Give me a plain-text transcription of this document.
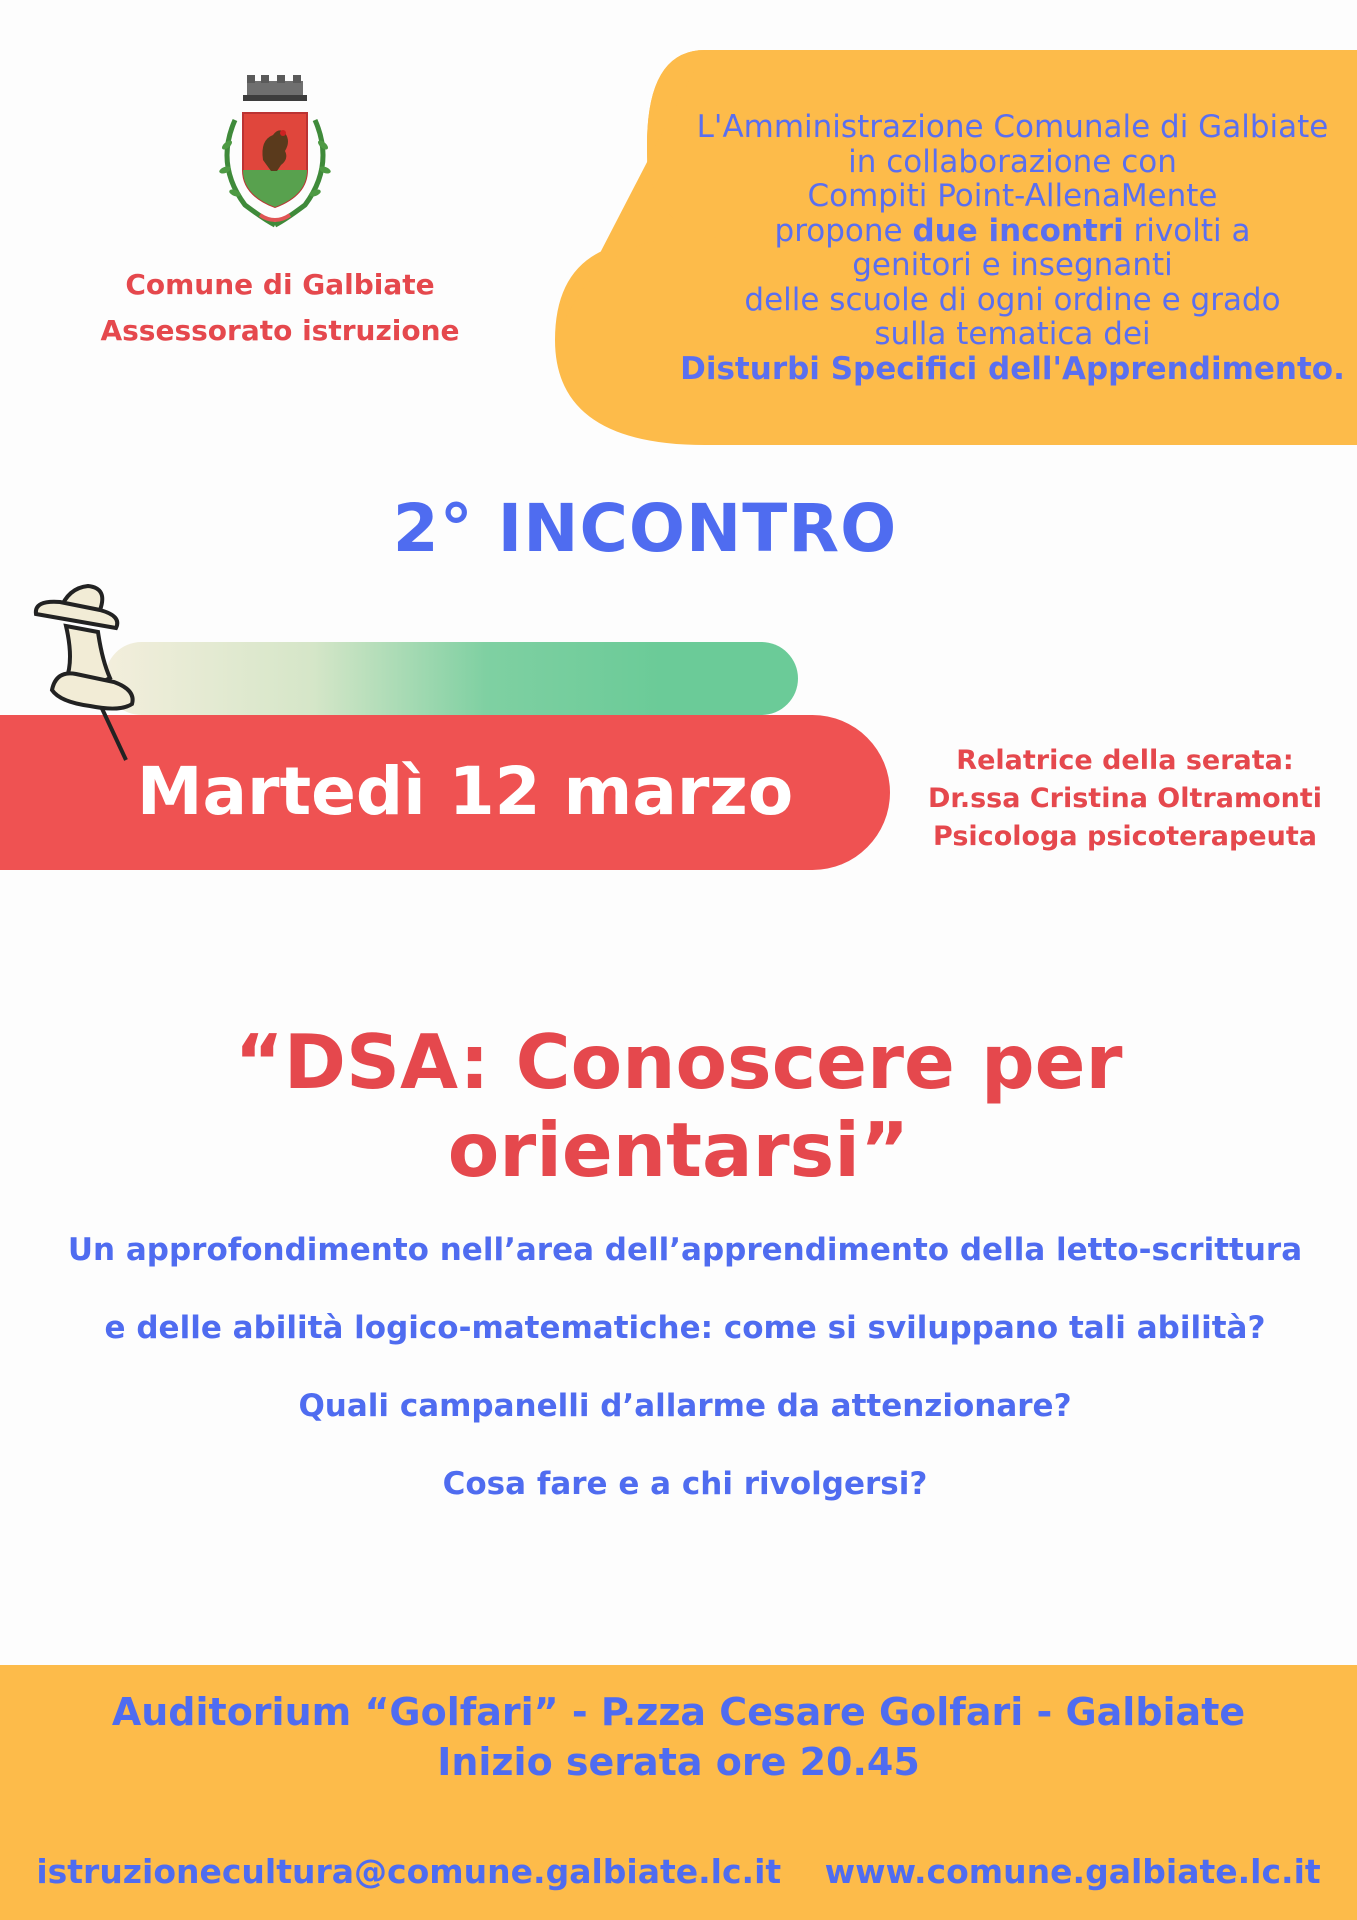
Comune di Galbiate
Assessorato istruzione
L'Amministrazione Comunale di Galbiate
in collaborazione con
Compiti Point-AllenaMente
propone due incontri rivolti a
genitori e insegnanti
delle scuole di ogni ordine e grado
sulla tematica dei
Disturbi Specifici dell'Apprendimento.
2° INCONTRO
Martedì 12 marzo	Relatrice della serata:
Dr.ssa Cristina Oltramonti
Psicologa psicoterapeuta
“DSA: Conoscere per orientarsi”
Un approfondimento nell’area dell’apprendimento della letto-scrittura
e delle abilità logico-matematiche: come si sviluppano tali abilità?
Quali campanelli d’allarme da attenzionare?
Cosa fare e a chi rivolgersi?
Auditorium “Golfari” - P.zza Cesare Golfari - Galbiate
Inizio serata ore 20.45
istruzionecultura@comune.galbiate.lc.it www.comune.galbiate.lc.it
